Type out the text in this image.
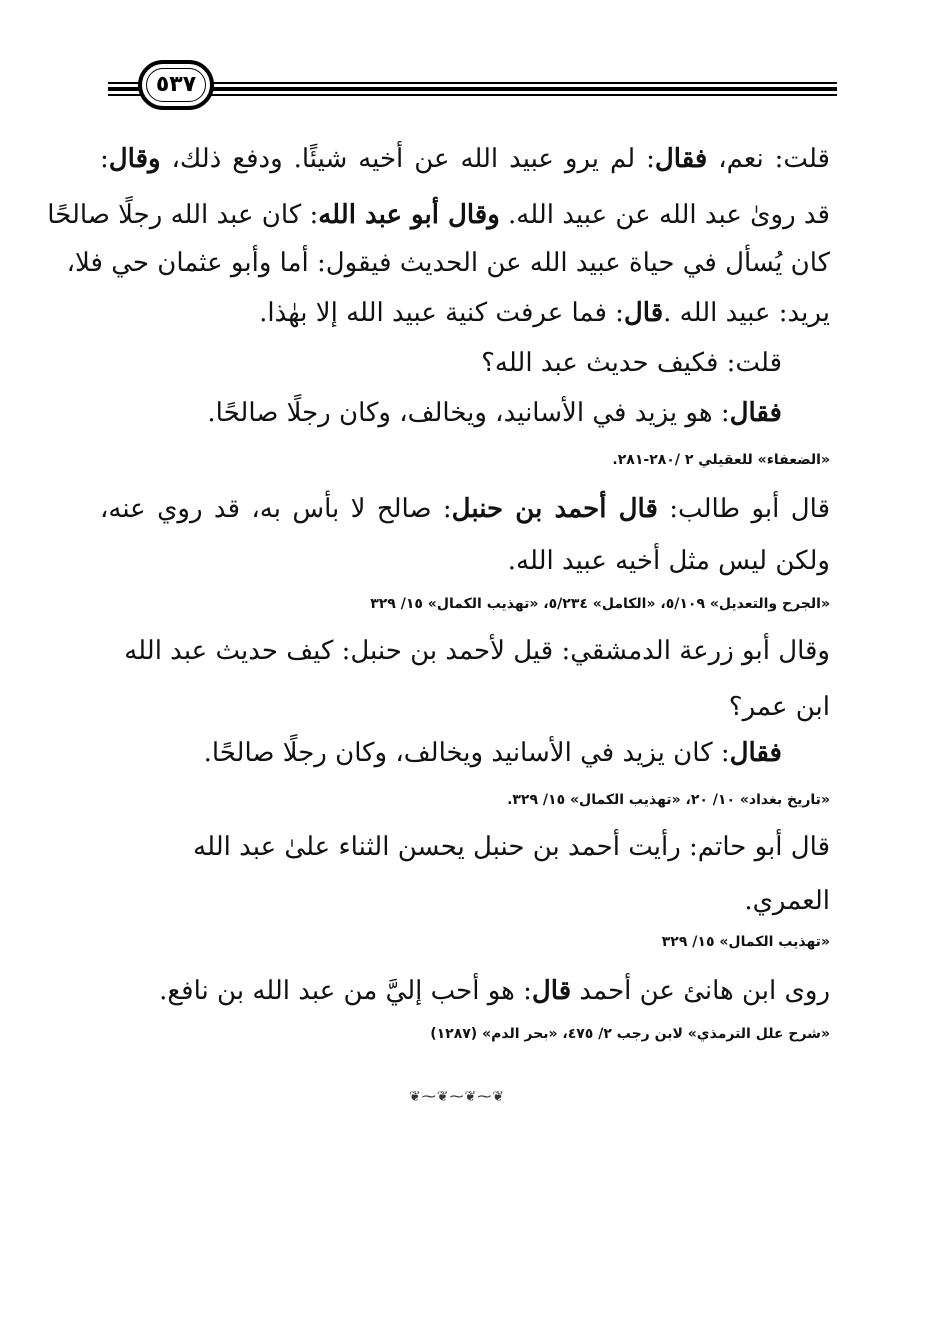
٥٣٧
قلت: نعم، فقال: لم يرو عبيد الله عن أخيه شيئًا. ودفع ذلك، وقال:
قد رویٰ عبد الله عن عبيد الله. وقال أبو عبد الله: كان عبد الله رجلًا صالحًا
كان يُسأل في حياة عبيد الله عن الحديث فيقول: أما وأبو عثمان حي فلا،
يريد: عبيد الله .قال: فما عرفت كنية عبيد الله إلا بهٰذا.
قلت: فكيف حديث عبد الله؟
فقال: هو يزيد في الأسانيد، ويخالف، وكان رجلًا صالحًا.
«الضعفاء» للعقيلي ٢ /٢٨٠-٢٨١.
قال أبو طالب: قال أحمد بن حنبل: صالح لا بأس به، قد روي عنه،
ولكن ليس مثل أخيه عبيد الله.
«الجرح والتعديل» ٥/١٠٩، «الكامل» ٥/٢٣٤، «تهذيب الكمال» ١٥/ ٣٢٩
وقال أبو زرعة الدمشقي: قيل لأحمد بن حنبل: كيف حديث عبد الله
ابن عمر؟
فقال: كان يزيد في الأسانيد ويخالف، وكان رجلًا صالحًا.
«تاريخ بغداد» ١٠/ ٢٠، «تهذيب الكمال» ١٥/ ٣٢٩.
قال أبو حاتم: رأيت أحمد بن حنبل يحسن الثناء علىٰ عبد الله
العمري.
«تهذيب الكمال» ١٥/ ٣٢٩
روى ابن هانئ عن أحمد قال: هو أحب إليَّ من عبد الله بن نافع.
«شرح علل الترمذي» لابن رجب ٢/ ٤٧٥، «بحر الدم» (١٢٨٧)
❦⁓❦⁓❦⁓❦
